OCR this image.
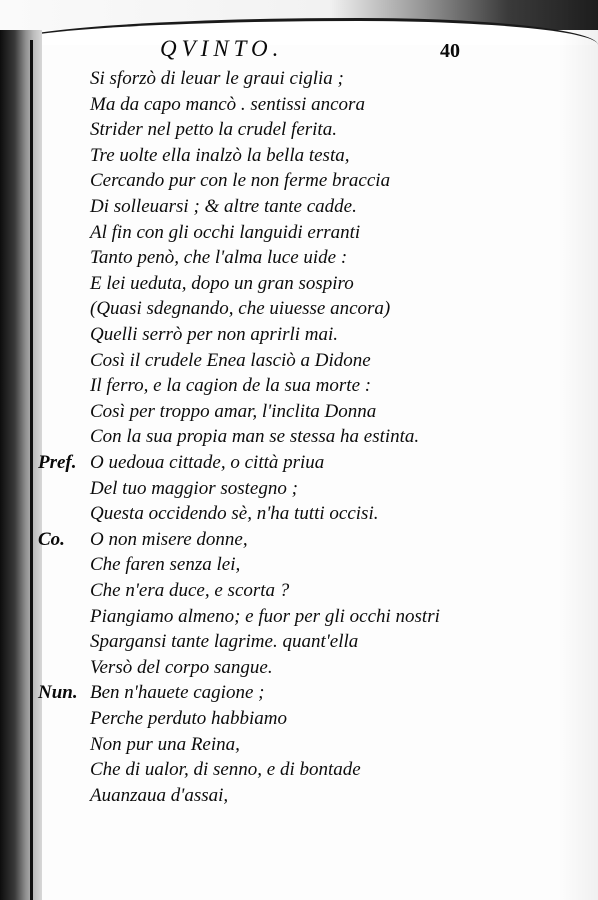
QVINTO.	40
Si sforzò di leuar le graui ciglia ;
Ma da capo mancò . sentissi ancora
Strider nel petto la crudel ferita.
Tre uolte ella inalzò la bella testa,
Cercando pur con le non ferme braccia
Di solleuarsi ; & altre tante cadde.
Al fin con gli occhi languidi erranti
Tanto penò, che l'alma luce uide :
E lei ueduta, dopo un gran sospiro
(Quasi sdegnando, che uiuesse ancora)
Quelli serrò per non aprirli mai.
Così il crudele Enea lasciò a Didone
Il ferro, e la cagion de la sua morte :
Così per troppo amar, l'inclita Donna
Con la sua propia man se stessa ha estinta.
Pref. O uedoua cittade, o città priua
Del tuo maggior sostegno ;
Questa occidendo sè, n'ha tutti occisi.
Co. O non misere donne,
Che faren senza lei,
Che n'era duce, e scorta ?
Piangiamo almeno; e fuor per gli occhi nostri
Spargansi tante lagrime. quant'ella
Versò del corpo sangue.
Nun. Ben n'hauete cagione ;
Perche perduto habbiamo
Non pur una Reina,
Che di ualor, di senno, e di bontade
Auanzaua d'assai,
